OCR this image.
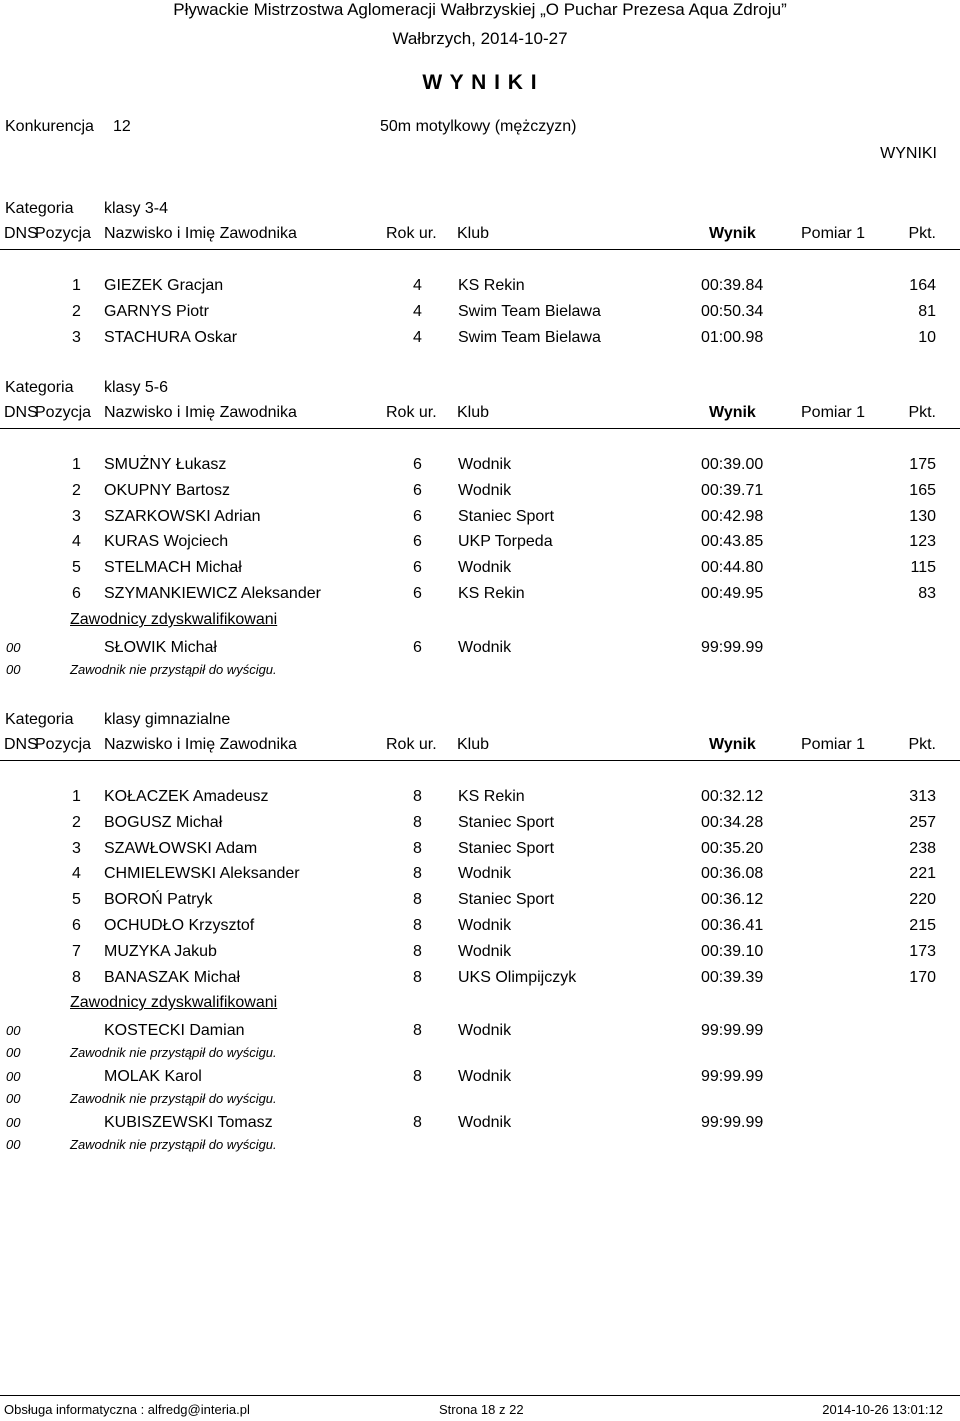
Pływackie Mistrzostwa Aglomeracji Wałbrzyskiej „O Puchar Prezesa Aqua Zdroju”
Wałbrzych, 2014-10-27
W Y N I K I
Konkurencja 12	50m motylkowy (mężczyzn)
WYNIKI
Kategoria klasy 3-4
DNS
Pozycja Nazwisko i Imię Zawodnika	Rok ur. Klub	Wynik	Pomiar 1	Pkt.
1 GIEZEK Gracjan	4 KS Rekin	00:39.84	164
2 GARNYS Piotr	4 Swim Team Bielawa	00:50.34	81
3 STACHURA Oskar	4 Swim Team Bielawa	01:00.98	10
Kategoria klasy 5-6
DNS
Pozycja Nazwisko i Imię Zawodnika	Rok ur. Klub	Wynik	Pomiar 1	Pkt.
1 SMUŻNY Łukasz	6 Wodnik	00:39.00	175
2 OKUPNY Bartosz	6 Wodnik	00:39.71	165
3 SZARKOWSKI Adrian	6 Staniec Sport	00:42.98	130
4 KURAS Wojciech	6 UKP Torpeda	00:43.85	123
5 STELMACH Michał	6 Wodnik	00:44.80	115
6 SZYMANKIEWICZ Aleksander	6 KS Rekin	00:49.95	83
Zawodnicy zdyskwalifikowani
00	SŁOWIK Michał	6 Wodnik	99:99.99
00	Zawodnik nie przystąpił do wyścigu.
Kategoria klasy gimnazialne
DNS
Pozycja Nazwisko i Imię Zawodnika	Rok ur. Klub	Wynik	Pomiar 1	Pkt.
1 KOŁACZEK Amadeusz	8 KS Rekin	00:32.12	313
2 BOGUSZ Michał	8 Staniec Sport	00:34.28	257
3 SZAWŁOWSKI Adam	8 Staniec Sport	00:35.20	238
4 CHMIELEWSKI Aleksander	8 Wodnik	00:36.08	221
5 BOROŃ Patryk	8 Staniec Sport	00:36.12	220
6 OCHUDŁO Krzysztof	8 Wodnik	00:36.41	215
7 MUZYKA Jakub	8 Wodnik	00:39.10	173
8 BANASZAK Michał	8 UKS Olimpijczyk	00:39.39	170
Zawodnicy zdyskwalifikowani
00	KOSTECKI Damian	8 Wodnik	99:99.99
00	Zawodnik nie przystąpił do wyścigu.
00	MOLAK Karol	8 Wodnik	99:99.99
00	Zawodnik nie przystąpił do wyścigu.
00	KUBISZEWSKI Tomasz	8 Wodnik	99:99.99
00	Zawodnik nie przystąpił do wyścigu.
Obsługa informatyczna : alfredg@interia.pl	Strona 18 z 22	2014-10-26 13:01:12
